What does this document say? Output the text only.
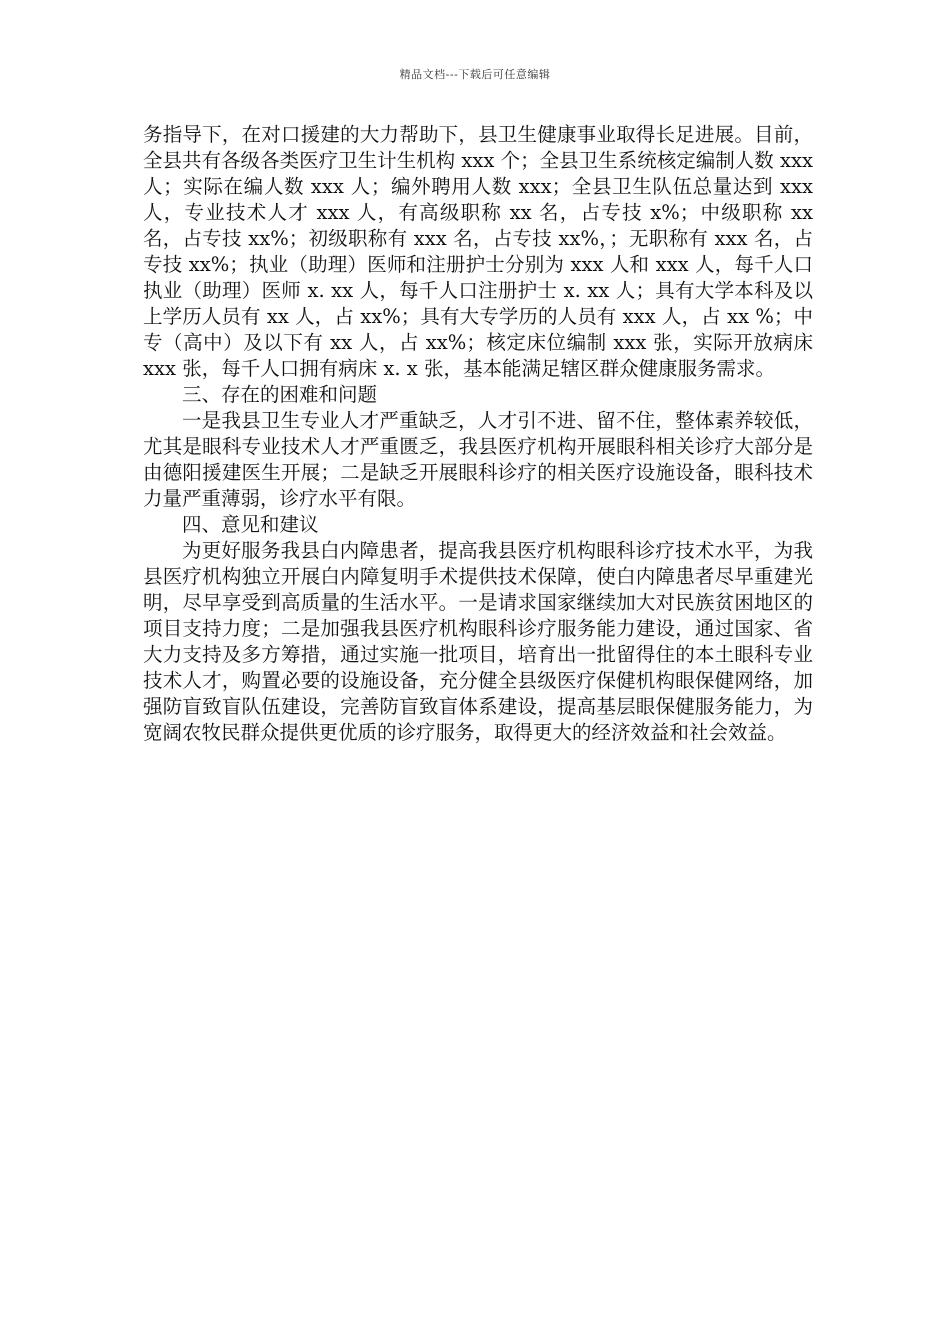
精品文档---下载后可任意编辑

务指导下，在对口援建的大力帮助下，县卫生健康事业取得长足进展。目前，全县共有各级各类医疗卫生计生机构 xxx 个；全县卫生系统核定编制人数 xxx 人；实际在编人数 xxx 人；编外聘用人数 xxx；全县卫生队伍总量达到 xxx 人，专业技术人才 xxx 人，有高级职称 xx 名，占专技 x%；中级职称 xx 名，占专技 xx%；初级职称有 xxx 名，占专技 xx%，；无职称有 xxx 名，占专技 xx%；执业（助理）医师和注册护士分别为 xxx 人和 xxx 人，每千人口执业（助理）医师 x. xx 人，每千人口注册护士 x. xx 人；具有大学本科及以上学历人员有 xx 人，占 xx%；具有大专学历的人员有 xxx 人，占 xx %；中专（高中）及以下有 xx 人，占 xx%；核定床位编制 xxx 张，实际开放病床 xxx 张，每千人口拥有病床 x. x 张，基本能满足辖区群众健康服务需求。

三、存在的困难和问题

一是我县卫生专业人才严重缺乏，人才引不进、留不住，整体素养较低，尤其是眼科专业技术人才严重匮乏，我县医疗机构开展眼科相关诊疗大部分是由德阳援建医生开展；二是缺乏开展眼科诊疗的相关医疗设施设备，眼科技术力量严重薄弱，诊疗水平有限。

四、意见和建议

为更好服务我县白内障患者，提高我县医疗机构眼科诊疗技术水平，为我县医疗机构独立开展白内障复明手术提供技术保障，使白内障患者尽早重建光明，尽早享受到高质量的生活水平。一是请求国家继续加大对民族贫困地区的项目支持力度；二是加强我县医疗机构眼科诊疗服务能力建设，通过国家、省大力支持及多方筹措，通过实施一批项目，培育出一批留得住的本土眼科专业技术人才，购置必要的设施设备，充分健全县级医疗保健机构眼保健网络，加强防盲致盲队伍建设，完善防盲致盲体系建设，提高基层眼保健服务能力，为宽阔农牧民群众提供更优质的诊疗服务，取得更大的经济效益和社会效益。
